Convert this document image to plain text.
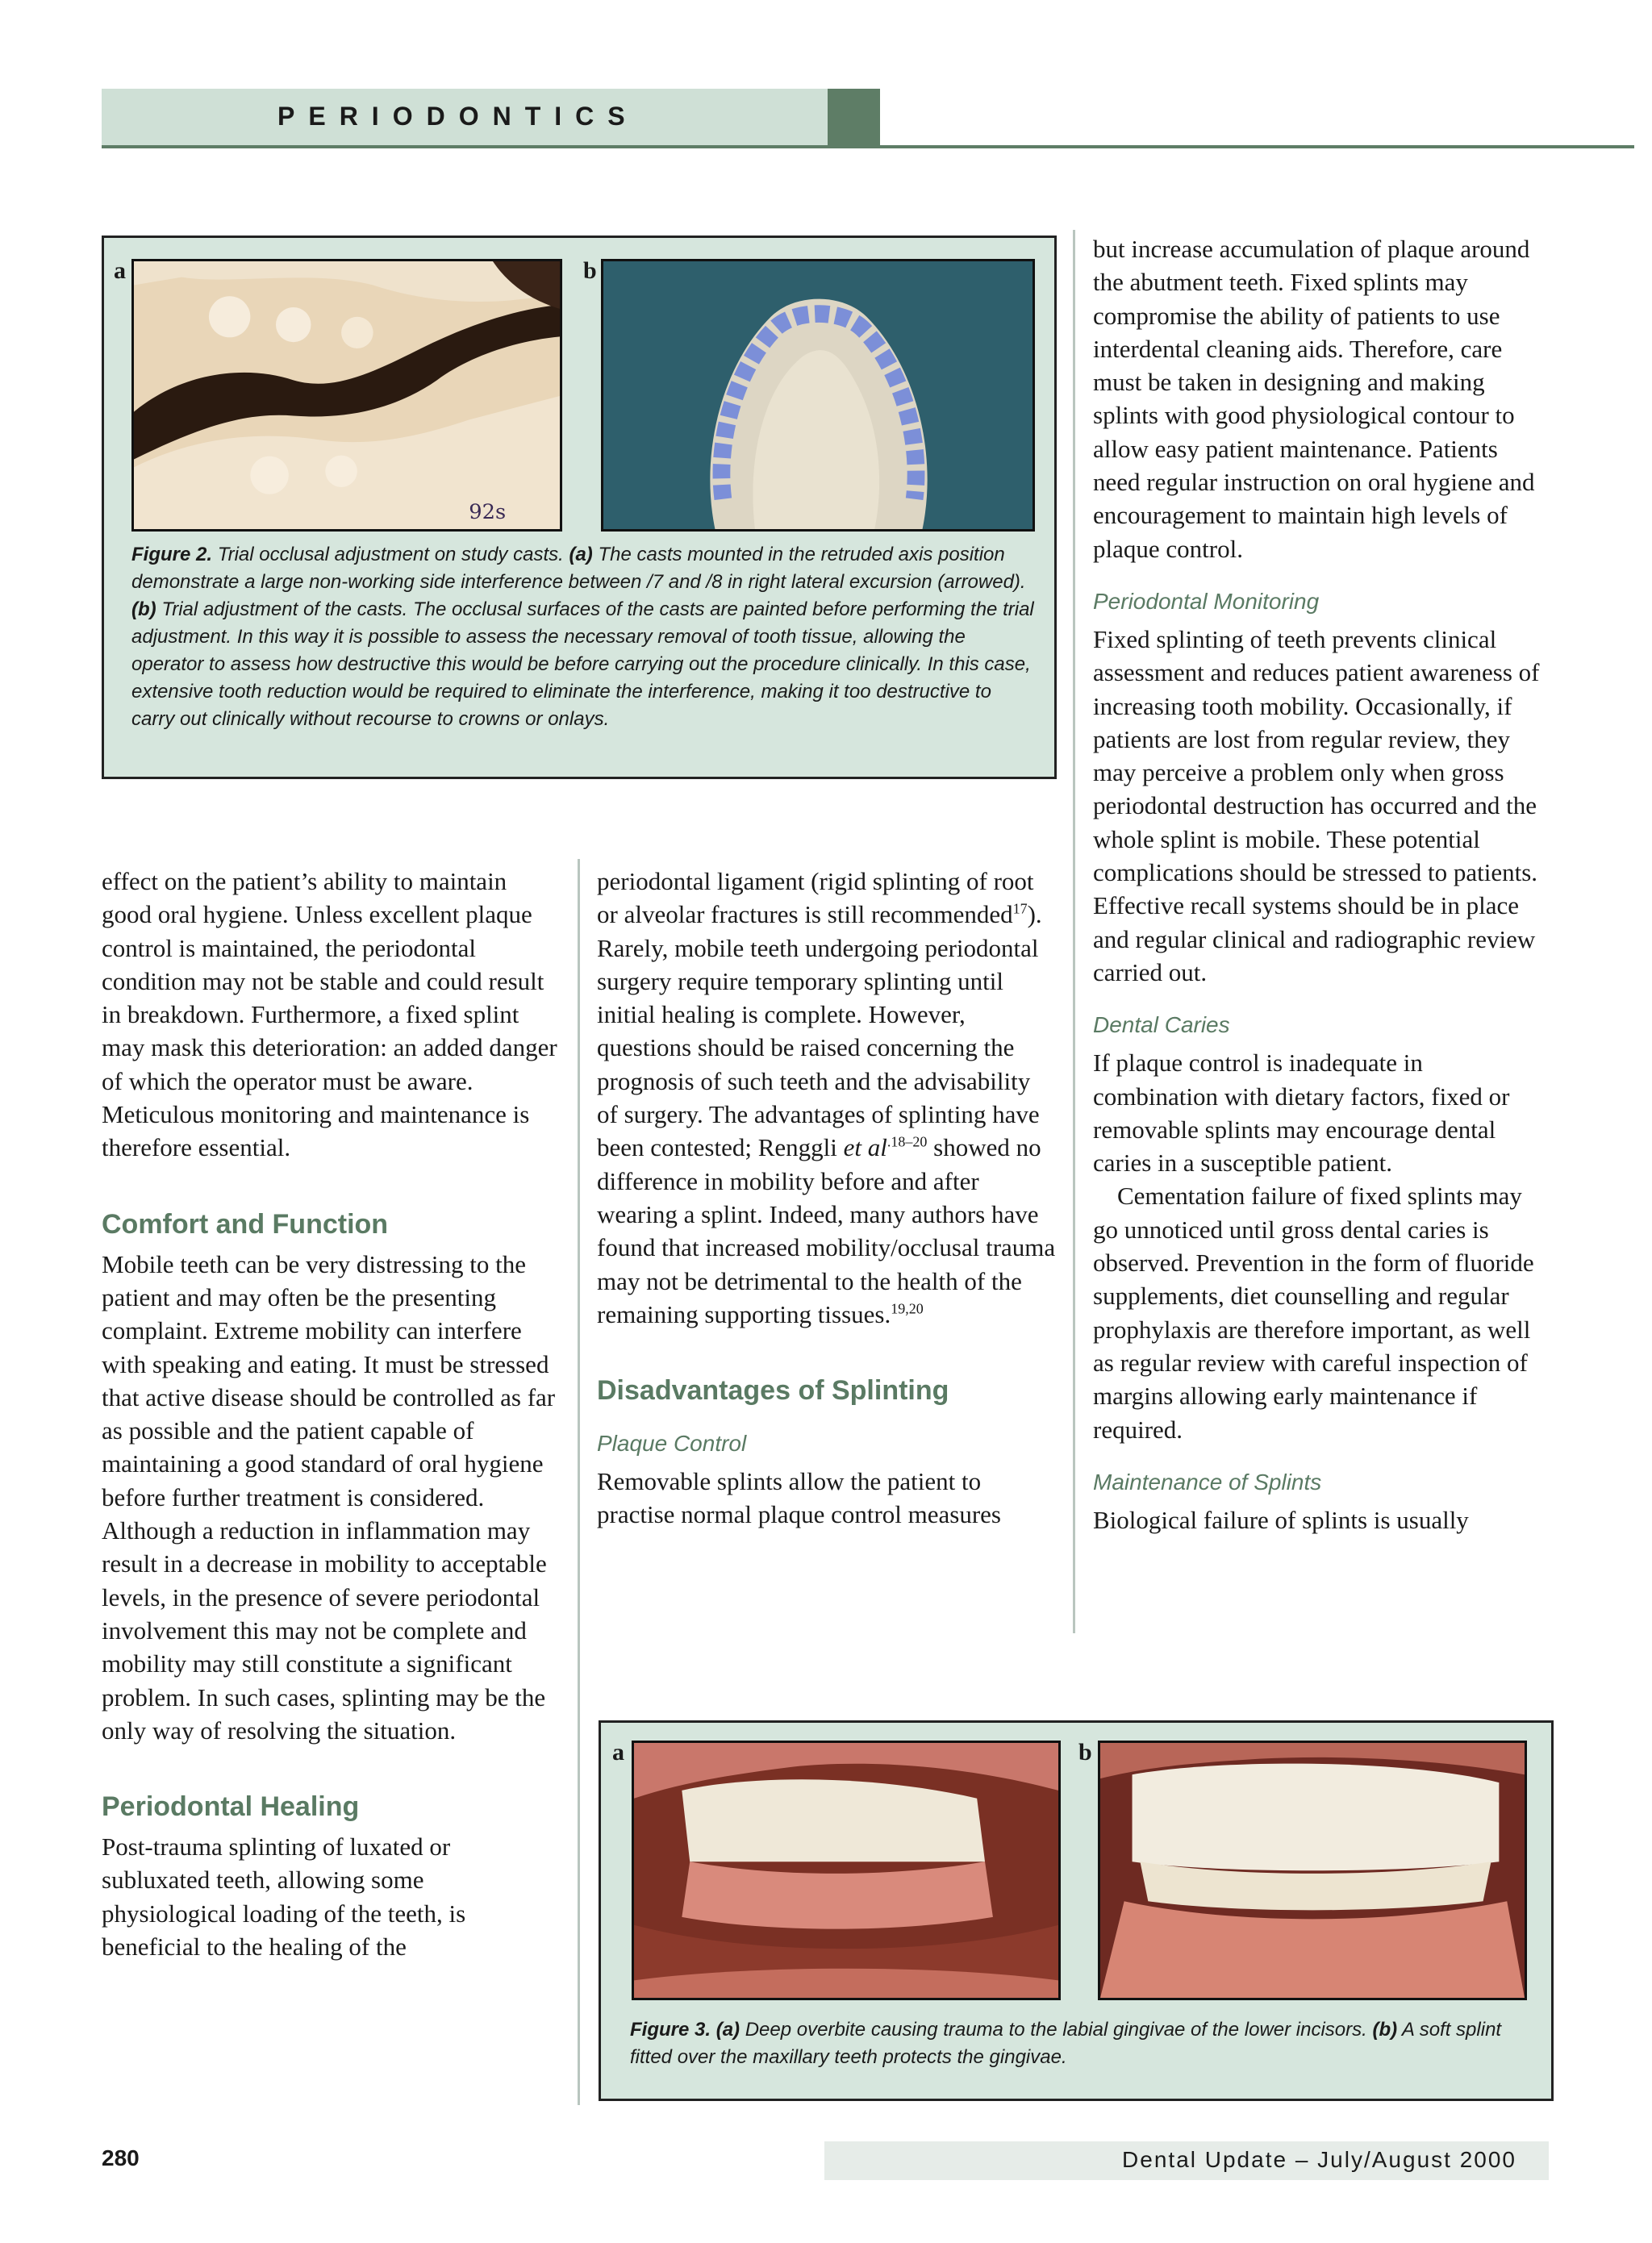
PERIODONTICS
a
92s
b
Figure 2. Trial occlusal adjustment on study casts. (a) The casts mounted in the retruded axis position demonstrate a large non-working side interference between /7 and /8 in right lateral excursion (arrowed). (b) Trial adjustment of the casts. The occlusal surfaces of the casts are painted before performing the trial adjustment. In this way it is possible to assess the necessary removal of tooth tissue, allowing the operator to assess how destructive this would be before carrying out the procedure clinically. In this case, extensive tooth reduction would be required to eliminate the interference, making it too destructive to carry out clinically without recourse to crowns or onlays.

effect on the patient’s ability to maintain good oral hygiene. Unless excellent plaque control is maintained, the periodontal condition may not be stable and could result in breakdown. Furthermore, a fixed splint may mask this deterioration: an added danger of which the operator must be aware. Meticulous monitoring and maintenance is therefore essential.

Comfort and Function

Mobile teeth can be very distressing to the patient and may often be the presenting complaint. Extreme mobility can interfere with speaking and eating. It must be stressed that active disease should be controlled as far as possible and the patient capable of maintaining a good standard of oral hygiene before further treatment is considered. Although a reduction in inflammation may result in a decrease in mobility to acceptable levels, in the presence of severe periodontal involvement this may not be complete and mobility may still constitute a significant problem. In such cases, splinting may be the only way of resolving the situation.

Periodontal Healing

Post-trauma splinting of luxated or subluxated teeth, allowing some physiological loading of the teeth, is beneficial to the healing of the

periodontal ligament (rigid splinting of root or alveolar fractures is still recommended$^{17}$). Rarely, mobile teeth undergoing periodontal surgery require temporary splinting until initial healing is complete. However, questions should be raised concerning the prognosis of such teeth and the advisability of surgery. The advantages of splinting have been contested; Renggli et $al^{.18-20}$ showed no difference in mobility before and after wearing a splint. Indeed, many authors have found that increased mobility/occlusal trauma may not be detrimental to the health of the remaining supporting tissues.$^{19,20}$

Disadvantages of Splinting
Plaque Control

Removable splints allow the patient to practise normal plaque control measures

but increase accumulation of plaque around the abutment teeth. Fixed splints may compromise the ability of patients to use interdental cleaning aids. Therefore, care must be taken in designing and making splints with good physiological contour to allow easy patient maintenance. Patients need regular instruction on oral hygiene and encouragement to maintain high levels of plaque control.

Periodontal Monitoring

Fixed splinting of teeth prevents clinical assessment and reduces patient awareness of increasing tooth mobility. Occasionally, if patients are lost from regular review, they may perceive a problem only when gross periodontal destruction has occurred and the whole splint is mobile. These potential complications should be stressed to patients. Effective recall systems should be in place and regular clinical and radiographic review carried out.

Dental Caries

If plaque control is inadequate in combination with dietary factors, fixed or removable splints may encourage dental caries in a susceptible patient.

Cementation failure of fixed splints may go unnoticed until gross dental caries is observed. Prevention in the form of fluoride supplements, diet counselling and regular prophylaxis are therefore important, as well as regular review with careful inspection of margins allowing early maintenance if required.

Maintenance of Splints

Biological failure of splints is usually

a	b
Figure 3. (a) Deep overbite causing trauma to the labial gingivae of the lower incisors. (b) A soft splint fitted over the maxillary teeth protects the gingivae.
280	Dental Update – July/August 2000
